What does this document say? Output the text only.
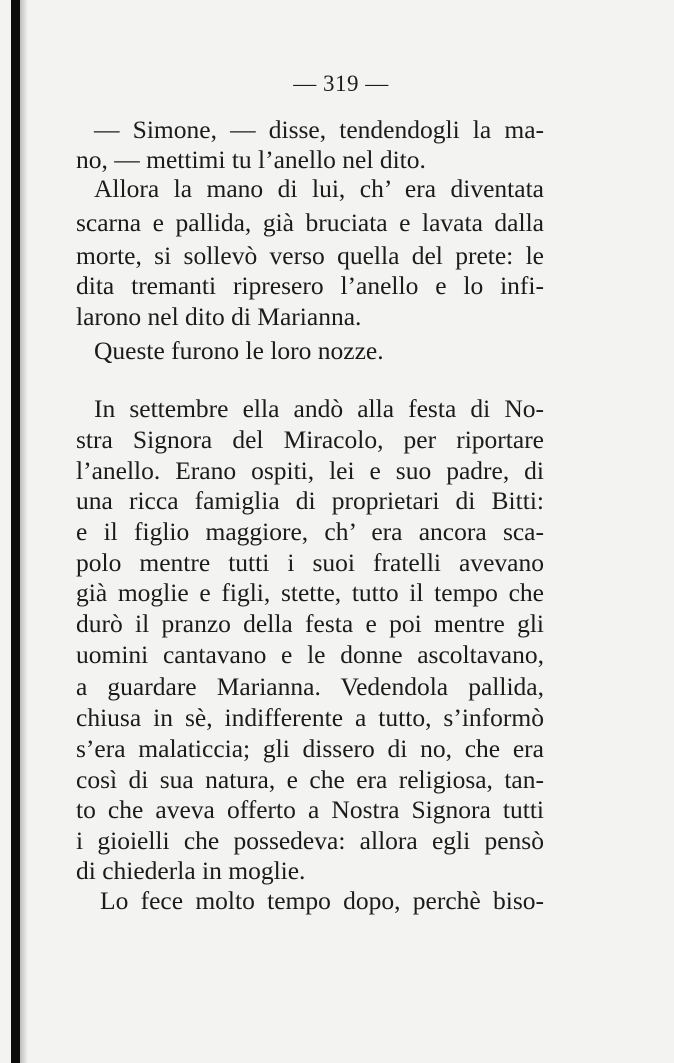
— 319 —
— Simone, — disse, tendendogli la ma-
no, — mettimi tu l’anello nel dito.
Allora la mano di lui, ch’ era diventata
scarna e pallida, già bruciata e lavata dalla
morte, si sollevò verso quella del prete: le
dita tremanti ripresero l’anello e lo infi-
larono nel dito di Marianna.
Queste furono le loro nozze.
In settembre ella andò alla festa di No-
stra Signora del Miracolo, per riportare
l’anello. Erano ospiti, lei e suo padre, di
una ricca famiglia di proprietari di Bitti:
e il figlio maggiore, ch’ era ancora sca-
polo mentre tutti i suoi fratelli avevano
già moglie e figli, stette, tutto il tempo che
durò il pranzo della festa e poi mentre gli
uomini cantavano e le donne ascoltavano,
a guardare Marianna. Vedendola pallida,
chiusa in sè, indifferente a tutto, s’informò
s’era malaticcia; gli dissero di no, che era
così di sua natura, e che era religiosa, tan-
to che aveva offerto a Nostra Signora tutti
i gioielli che possedeva: allora egli pensò
di chiederla in moglie.
Lo fece molto tempo dopo, perchè biso-
